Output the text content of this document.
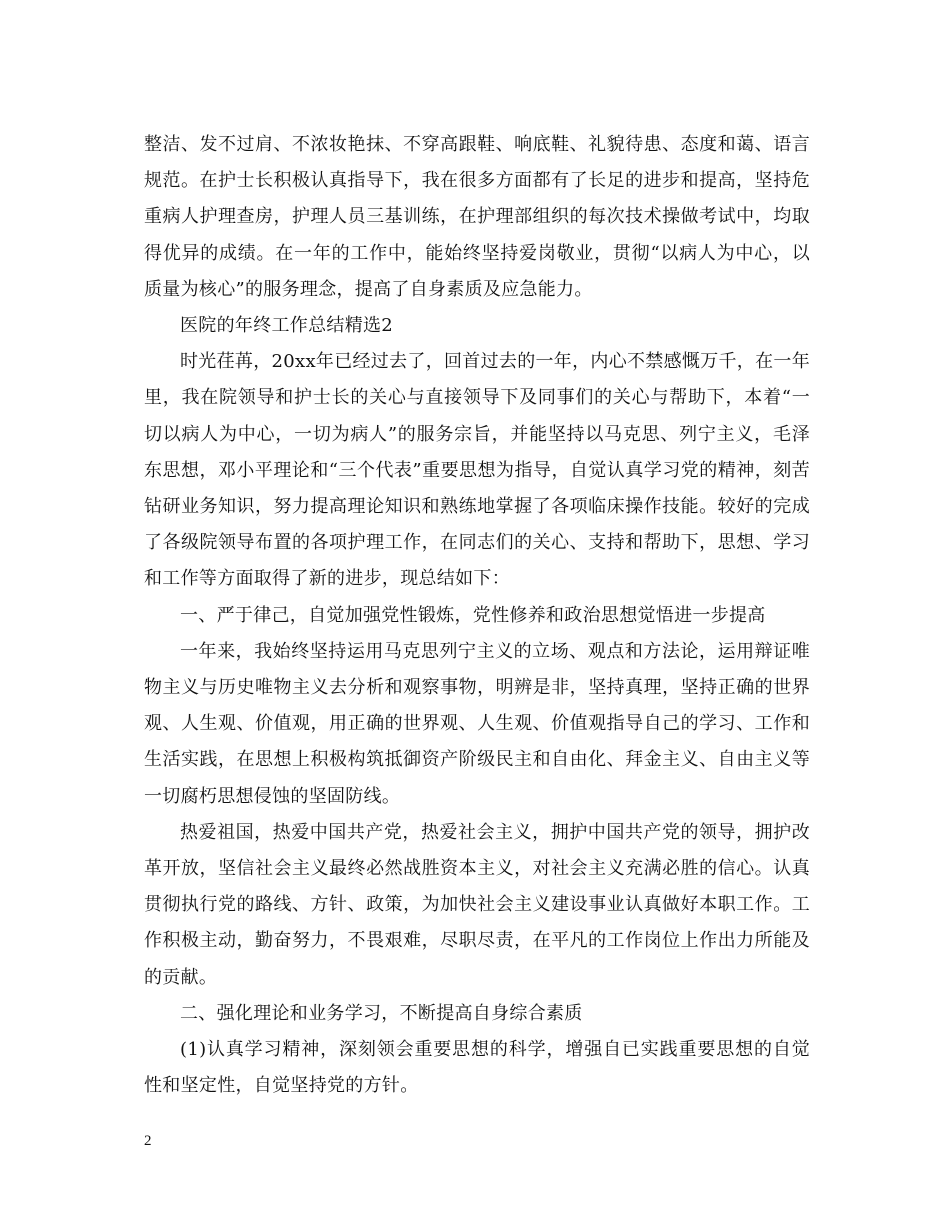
整洁、发不过肩、不浓妆艳抹、不穿高跟鞋、响底鞋、礼貌待患、态度和蔼、语言规范。在护士长积极认真指导下，我在很多方面都有了长足的进步和提高，坚持危重病人护理查房，护理人员三基训练，在护理部组织的每次技术操做考试中，均取得优异的成绩。在一年的工作中，能始终坚持爱岗敬业，贯彻“以病人为中心，以质量为核心”的服务理念，提高了自身素质及应急能力。

医院的年终工作总结精选2

时光荏苒，20xx年已经过去了，回首过去的一年，内心不禁感慨万千，在一年里，我在院领导和护士长的关心与直接领导下及同事们的关心与帮助下，本着“一切以病人为中心，一切为病人”的服务宗旨，并能坚持以马克思、列宁主义，毛泽东思想，邓小平理论和“三个代表”重要思想为指导，自觉认真学习党的精神，刻苦钻研业务知识，努力提高理论知识和熟练地掌握了各项临床操作技能。较好的完成了各级院领导布置的各项护理工作，在同志们的关心、支持和帮助下，思想、学习和工作等方面取得了新的进步，现总结如下：

一、严于律己，自觉加强党性锻炼，党性修养和政治思想觉悟进一步提高

一年来，我始终坚持运用马克思列宁主义的立场、观点和方法论，运用辩证唯物主义与历史唯物主义去分析和观察事物，明辨是非，坚持真理，坚持正确的世界观、人生观、价值观，用正确的世界观、人生观、价值观指导自己的学习、工作和生活实践，在思想上积极构筑抵御资产阶级民主和自由化、拜金主义、自由主义等一切腐朽思想侵蚀的坚固防线。

热爱祖国，热爱中国共产党，热爱社会主义，拥护中国共产党的领导，拥护改革开放，坚信社会主义最终必然战胜资本主义，对社会主义充满必胜的信心。认真贯彻执行党的路线、方针、政策，为加快社会主义建设事业认真做好本职工作。工作积极主动，勤奋努力，不畏艰难，尽职尽责，在平凡的工作岗位上作出力所能及的贡献。

二、强化理论和业务学习，不断提高自身综合素质

(1)认真学习精神，深刻领会重要思想的科学，增强自已实践重要思想的自觉性和坚定性，自觉坚持党的方针。

2
